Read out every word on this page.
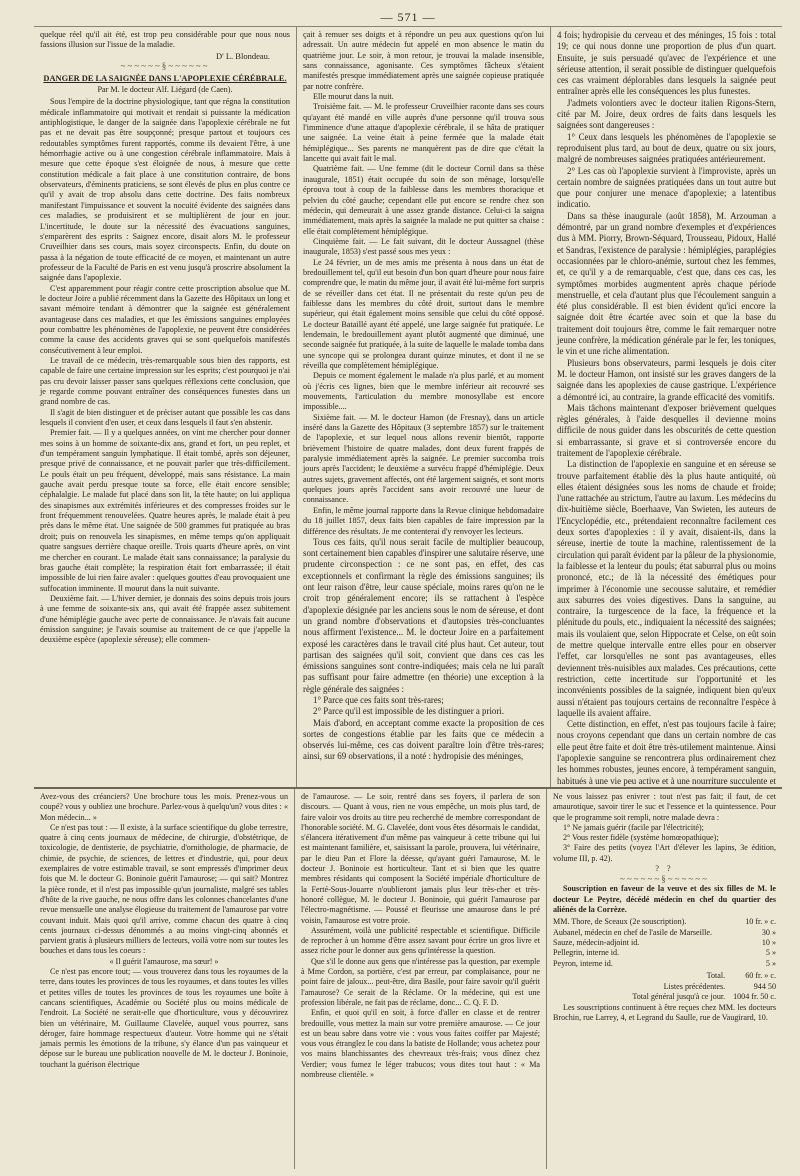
— 571 —

quelque réel qu'il ait été, est trop peu considérable pour que nous nous fassions illusion sur l'issue de la maladie.

D' L. Blondeau.
~~~~~~§~~~~~~
DANGER DE LA SAIGNÉE DANS L'APOPLEXIE CÉRÉBRALE.
Par M. le docteur Alf. Liégard (de Caen).

Sous l'empire de la doctrine physiologique, tant que régna la constitution médicale inflammatoire qui motivait et rendait si puissante la médication antiphlogistique, le danger de la saignée dans l'apoplexie cérébrale ne fut pas et ne devait pas être soupçonné; presque partout et toujours ces redoutables symptômes furent rapportés, comme ils devaient l'être, à une hémorrhagie active ou à une congestion cérébrale inflammatoire. Mais à mesure que cette époque s'est éloignée de nous, à mesure que cette constitution médicale a fait place à une constitution contraire, de bons observateurs, d'éminents praticiens, se sont élevés de plus en plus contre ce qu'il y avait de trop absolu dans cette doctrine. Des faits nombreux manifestant l'impuissance et souvent la nocuité évidente des saignées dans ces maladies, se produisirent et se multiplièrent de jour en jour. L'incertitude, le doute sur la nécessité des évacuations sanguines, s'emparèrent des esprits : Saignez encore, disait alors M. le professeur Cruveilhier dans ses cours, mais soyez circonspects. Enfin, du doute on passa à la négation de toute efficacité de ce moyen, et maintenant un autre professeur de la Faculté de Paris en est venu jusqu'à proscrire absolument la saignée dans l'apoplexie.

C'est apparemment pour réagir contre cette proscription absolue que M. le docteur Joire a publié récemment dans la Gazette des Hôpitaux un long et savant mémoire tendant à démontrer que la saignée est généralement avantageuse dans ces maladies, et que les émissions sanguines employées pour combattre les phénomènes de l'apoplexie, ne peuvent être considérées comme la cause des accidents graves qui se sont quelquefois manifestés consécutivement à leur emploi.

Le travail de ce médecin, très-remarquable sous bien des rapports, est capable de faire une certaine impression sur les esprits; c'est pourquoi je n'ai pas cru devoir laisser passer sans quelques réflexions cette conclusion, que je regarde comme pouvant entraîner des conséquences funestes dans un grand nombre de cas.

Il s'agit de bien distinguer et de préciser autant que possible les cas dans lesquels il convient d'en user, et ceux dans lesquels il faut s'en abstenir.

Premier fait. — Il y a quelques années, on vint me chercher pour donner mes soins à un homme de soixante-dix ans, grand et fort, un peu replet, et d'un tempérament sanguin lymphatique. Il était tombé, après son déjeuner, presque privé de connaissance, et ne pouvait parler que très-difficilement. Le pouls était un peu fréquent, développé, mais sans résistance. La main gauche avait perdu presque toute sa force, elle était encore sensible; céphalalgie. Le malade fut placé dans son lit, la tête haute; on lui appliqua des sinapismes aux extrémités inférieures et des compresses froides sur le front fréquemment renouvelées. Quatre heures après, le malade était à peu près dans le même état. Une saignée de 500 grammes fut pratiquée au bras droit; puis on renouvela les sinapismes, en même temps qu'on appliquait quatre sangsues derrière chaque oreille. Trois quarts d'heure après, on vint me chercher en courant. Le malade était sans connaissance; la paralysie du bras gauche était complète; la respiration était fort embarrassée; il était impossible de lui rien faire avaler : quelques gouttes d'eau provoquaient une suffocation imminente. Il mourut dans la nuit suivante.

Deuxième fait. — L'hiver dernier, je donnais des soins depuis trois jours à une femme de soixante-six ans, qui avait été frappée assez subitement d'une hémiplégie gauche avec perte de connaissance. Je n'avais fait aucune émission sanguine; je l'avais soumise au traitement de ce que j'appelle la deuxième espèce (apoplexie séreuse); elle commen-

çait à remuer ses doigts et à répondre un peu aux questions qu'on lui adressait. Un autre médecin fut appelé en mon absence le matin du quatrième jour. Le soir, à mon retour, je trouvai la malade insensible, sans connaissance, agonisante. Ces symptômes fâcheux s'étaient manifestés presque immédiatement après une saignée copieuse pratiquée par notre confrère.

Elle mourut dans la nuit.

Troisième fait. — M. le professeur Cruveilhier raconte dans ses cours qu'ayant été mandé en ville auprès d'une personne qu'il trouva sous l'imminence d'une attaque d'apoplexie cérébrale, il se hâta de pratiquer une saignée. La veine était à peine fermée que la malade était hémiplégique... Ses parents ne manquèrent pas de dire que c'était la lancette qui avait fait le mal.

Quatrième fait. — Une femme (dit le docteur Cornil dans sa thèse inaugurale, 1851) était occupée du soin de son ménage, lorsqu'elle éprouva tout à coup de la faiblesse dans les membres thoracique et pelvien du côté gauche; cependant elle put encore se rendre chez son médecin, qui demeurait à une assez grande distance. Celui-ci la saigna immédiatement, mais après la saignée la malade ne put quitter sa chaise : elle était complètement hémiplégique.

Cinquième fait. — Le fait suivant, dit le docteur Aussagnel (thèse inaugurale, 1853) s'est passé sous mes yeux :

Le 24 février, un de mes amis me présenta à nous dans un état de bredouillement tel, qu'il eut besoin d'un bon quart d'heure pour nous faire comprendre que, le matin du même jour, il avait été lui-même fort surpris de se réveiller dans cet état. Il ne présentait du reste qu'un peu de faiblesse dans les membres du côté droit, surtout dans le membre supérieur, qui était également moins sensible que celui du côté opposé. Le docteur Bataillé ayant été appelé, une large saignée fut pratiquée. Le lendemain, le bredouillement ayant plutôt augmenté que diminué, une seconde saignée fut pratiquée, à la suite de laquelle le malade tomba dans une syncope qui se prolongea durant quinze minutes, et dont il ne se réveilla que complètement hémiplégique.

Depuis ce moment également le malade n'a plus parlé, et au moment où j'écris ces lignes, bien que le membre inférieur ait recouvré ses mouvements, l'articulation du membre monosyllabe est encore impossible....

Sixième fait. — M. le docteur Hamon (de Fresnay), dans un article inséré dans la Gazette des Hôpitaux (3 septembre 1857) sur le traitement de l'apoplexie, et sur lequel nous allons revenir bientôt, rapporte brièvement l'histoire de quatre malades, dont deux furent frappés de paralysie immédiatement après la saignée. Le premier succomba trois jours après l'accident; le deuxième a survécu frappé d'hémiplégie. Deux autres sujets, gravement affectés, ont été largement saignés, et sont morts quelques jours après l'accident sans avoir recouvré une lueur de connaissance.

Enfin, le même journal rapporte dans la Revue clinique hebdomadaire du 18 juillet 1857, deux faits bien capables de faire impression par la différence des résultats. Je me contenterai d'y renvoyer les lecteurs.

Tous ces faits, qu'il nous serait facile de multiplier beaucoup, sont certainement bien capables d'inspirer une salutaire réserve, une prudente circonspection : ce ne sont pas, en effet, des cas exceptionnels et confirmant la règle des émissions sanguines; ils ont leur raison d'être, leur cause spéciale, moins rares qu'on ne le croit trop généralement encore; ils se rattachent à l'espèce d'apoplexie désignée par les anciens sous le nom de séreuse, et dont un grand nombre d'observations et d'autopsies très-concluantes nous affirment l'existence... M. le docteur Joire en a parfaitement exposé les caractères dans le travail cité plus haut. Cet auteur, tout partisan des saignées qu'il soit, convient que dans ces cas les émissions sanguines sont contre-indiquées; mais cela ne lui paraît pas suffisant pour faire admettre (en théorie) une exception à la règle générale des saignées :

1° Parce que ces faits sont très-rares;

2° Parce qu'il est impossible de les distinguer a priori.

Mais d'abord, en acceptant comme exacte la proposition de ces sortes de congestions établie par les faits que ce médecin a observés lui-même, ces cas doivent paraître loin d'être très-rares; ainsi, sur 69 observations, il a noté : hydropisie des méninges,

4 fois; hydropisie du cerveau et des méninges, 15 fois : total 19; ce qui nous donne une proportion de plus d'un quart. Ensuite, je suis persuadé qu'avec de l'expérience et une sérieuse attention, il serait possible de distinguer quelquefois ces cas vraiment déplorables dans lesquels la saignée peut entraîner après elle les conséquences les plus funestes.

J'admets volontiers avec le docteur italien Rigons-Stern, cité par M. Joire, deux ordres de faits dans lesquels les saignées sont dangereuses :

1° Ceux dans lesquels les phénomènes de l'apoplexie se reproduisent plus tard, au bout de deux, quatre ou six jours, malgré de nombreuses saignées pratiquées antérieurement.

2° Les cas où l'apoplexie survient à l'improviste, après un certain nombre de saignées pratiquées dans un tout autre but que pour conjurer une menace d'apoplexie; a latentibus indicatio.

Dans sa thèse inaugurale (août 1858), M. Arzouman a démontré, par un grand nombre d'exemples et d'expériences dus à MM. Piorry, Brown-Séquard, Trousseau, Pidoux, Hallé et Sandras, l'existence de paralysie : hémiplégies, paraplégies occasionnées par le chloro-anémie, surtout chez les femmes, et, ce qu'il y a de remarquable, c'est que, dans ces cas, les symptômes morbides augmentent après chaque période menstruelle, et cela d'autant plus que l'écoulement sanguin a été plus considérable. Il est bien évident qu'ici encore la saignée doit être écartée avec soin et que la base du traitement doit toujours être, comme le fait remarquer notre jeune confrère, la médication générale par le fer, les toniques, le vin et une riche alimentation.

Plusieurs bons observateurs, parmi lesquels je dois citer M. le docteur Hamon, ont insisté sur les graves dangers de la saignée dans les apoplexies de cause gastrique. L'expérience a démontré ici, au contraire, la grande efficacité des vomitifs.

Mais tâchons maintenant d'exposer brièvement quelques règles générales, à l'aide desquelles il devienne moins difficile de nous guider dans les obscurités de cette question si embarrassante, si grave et si controversée encore du traitement de l'apoplexie cérébrale.

La distinction de l'apoplexie en sanguine et en séreuse se trouve parfaitement établie dès la plus haute antiquité, où elles étaient désignées sous les noms de chaude et froide; l'une rattachée au strictum, l'autre au laxum. Les médecins du dix-huitième siècle, Boerhaave, Van Swieten, les auteurs de l'Encyclopédie, etc., prétendaient reconnaître facilement ces deux sortes d'apoplexies : il y avait, disaient-ils, dans la séreuse, inertie de toute la machine, ralentissement de la circulation qui paraît évident par la pâleur de la physionomie, la faiblesse et la lenteur du pouls; état saburral plus ou moins prononcé, etc.; de là la nécessité des émétiques pour imprimer à l'économie une secousse salutaire, et remédier aux saburres des voies digestives. Dans la sanguine, au contraire, la turgescence de la face, la fréquence et la plénitude du pouls, etc., indiquaient la nécessité des saignées; mais ils voulaient que, selon Hippocrate et Celse, on eût soin de mettre quelque intervalle entre elles pour en observer l'effet, car lorsqu'elles ne sont pas avantageuses, elles deviennent très-nuisibles aux malades. Ces précautions, cette restriction, cette incertitude sur l'opportunité et les inconvénients possibles de la saignée, indiquent bien qu'eux aussi n'étaient pas toujours certains de reconnaître l'espèce à laquelle ils avaient affaire.

Cette distinction, en effet, n'est pas toujours facile à faire; nous croyons cependant que dans un certain nombre de cas elle peut être faite et doit être très-utilement maintenue. Ainsi l'apoplexie sanguine se rencontrera plus ordinairement chez les hommes robustes, jeunes encore, à tempérament sanguin, habitués à une vie peu active et à une nourriture succulente et

Avez-vous des créanciers? Une brochure tous les mois. Prenez-vous un coupé? vous y oubliez une brochure. Parlez-vous à quelqu'un? vous dites : « Mon médecin... »

Ce n'est pas tout : — Il existe, à la surface scientifique du globe terrestre, quatre à cinq cents journaux de médecine, de chirurgie, d'obstétrique, de toxicologie, de dentisterie, de psychiatrie, d'ornithologie, de pharmacie, de chimie, de psychie, de sciences, de lettres et d'industrie, qui, pour deux exemplaires de votre estimable travail, se sont empressés d'imprimer deux fois que M. le docteur G. Boninoie guérit l'amaurose; — qui sait? Montrez la pièce ronde, et il n'est pas impossible qu'un journaliste, malgré ses tables d'hôte de la rive gauche, ne nous offre dans les colonnes chancelantes d'une revue mensuelle une analyse élogieuse du traitement de l'amaurose par votre couvant induit. Mais quoi qu'il arrive, comme chacun des quatre à cinq cents journaux ci-dessus dénommés a au moins vingt-cinq abonnés et parvient gratis à plusieurs milliers de lecteurs, voilà votre nom sur toutes les bouches et dans tous les coeurs :

« Il guérit l'amaurose, ma sœur! »

Ce n'est pas encore tout; — vous trouverez dans tous les royaumes de la terre, dans toutes les provinces de tous les royaumes, et dans toutes les villes et petites villes de toutes les provinces de tous les royaumes une boîte à cancans scientifiques, Académie ou Société plus ou moins médicale de l'endroit. La Société ne serait-elle que d'horticulture, vous y découvrirez bien un vétérinaire, M. Guillaume Clavelée, auquel vous pourrez, sans déroger, faire hommage respectueux d'auteur. Votre homme qui ne s'était jamais permis les émotions de la tribune, s'y élance d'un pas vainqueur et dépose sur le bureau une publication nouvelle de M. le docteur J. Boninoie, touchant la guérison électrique

de l'amaurose. — Le soir, rentré dans ses foyers, il parlera de son discours. — Quant à vous, rien ne vous empêche, un mois plus tard, de faire valoir vos droits au titre peu recherché de membre correspondant de l'honorable société. M. G. Clavelée, dont vous êtes désormais le candidat, s'élancera itérativement d'un même pas vainqueur à cette tribune qui lui est maintenant familière, et, saisissant la parole, prouvera, lui vétérinaire, par le dieu Pan et Flore la déesse, qu'ayant guéri l'amaurose, M. le docteur J. Boninoie est horticulteur. Tant et si bien que les quatre membres résidants qui composent la Société impériale d'horticulture de la Ferté-Sous-Jouarre n'oublieront jamais plus leur très-cher et très-honoré collègue, M. le docteur J. Boninoie, qui guérit l'amaurose par l'électro-magnétisme. — Poussé et fleurisse une amaurose dans le pré voisin, l'amaurose est votre proie.

Assurément, voilà une publicité respectable et scientifique. Difficile de reprocher à un homme d'être assez savant pour écrire un gros livre et assez riche pour le donner aux gens qu'intéresse la question.

Que s'il le donne aux gens que n'intéresse pas la question, par exemple à Mme Cordon, sa portière, c'est par erreur, par complaisance, pour ne point faire de jaloux... peut-être, dira Basile, pour faire savoir qu'il guérit l'amaurose? Ce serait de la Réclame. Or la médecine, qui est une profession libérale, ne fait pas de réclame, donc... C. Q. F. D.

Enfin, et quoi qu'il en soit, à force d'aller en classe et de rentrer bredouille, vous mettez la main sur votre première amaurose. — Ce jour est un beau sabre dans votre vie : vous vous faites coiffer par Majesté; vous vous étranglez le cou dans la batiste de Hollande; vous achetez pour vos mains blanchissantes des chevreaux très-frais; vous dînez chez Verdier; vous fumez le léger trabucos; vous dites tout haut : « Ma nombreuse clientèle. »

Ne vous laissez pas enivrer : tout n'est pas fait; il faut, de cet amaurotique, savoir tirer le suc et l'essence et la quintessence. Pour que le programme soit rempli, notre malade devra :

1° Ne jamais guérir (facile par l'électricité);

2° Vous rester fidèle (système homœopathique);

3° Faire des petits (voyez l'Art d'élever les lapins, 3e édition, volume III, p. 42).

? ?
~~~~~~§~~~~~~

Souscription en faveur de la veuve et des six filles de M. le docteur Le Peytre, décédé médecin en chef du quartier des aliénés de la Corrèze.

MM. Thore, de Sceaux (2e souscription).	10 fr. » c.
Aubanel, médecin en chef de l'asile de Marseille.	30 »
Sauze, médecin-adjoint id.	10 »
Pellegrin, interne id.	5 »
Peyron, interne id.	5 »
Total.	60 fr. » c.
Listes précédentes.	944 50
Total général jusqu'à ce jour.	1004 fr. 50 c.

Les souscriptions continuent à être reçues chez MM. les docteurs Brochin, rue Larrey, 4, et Legrand du Saulle, rue de Vaugirard, 10.
